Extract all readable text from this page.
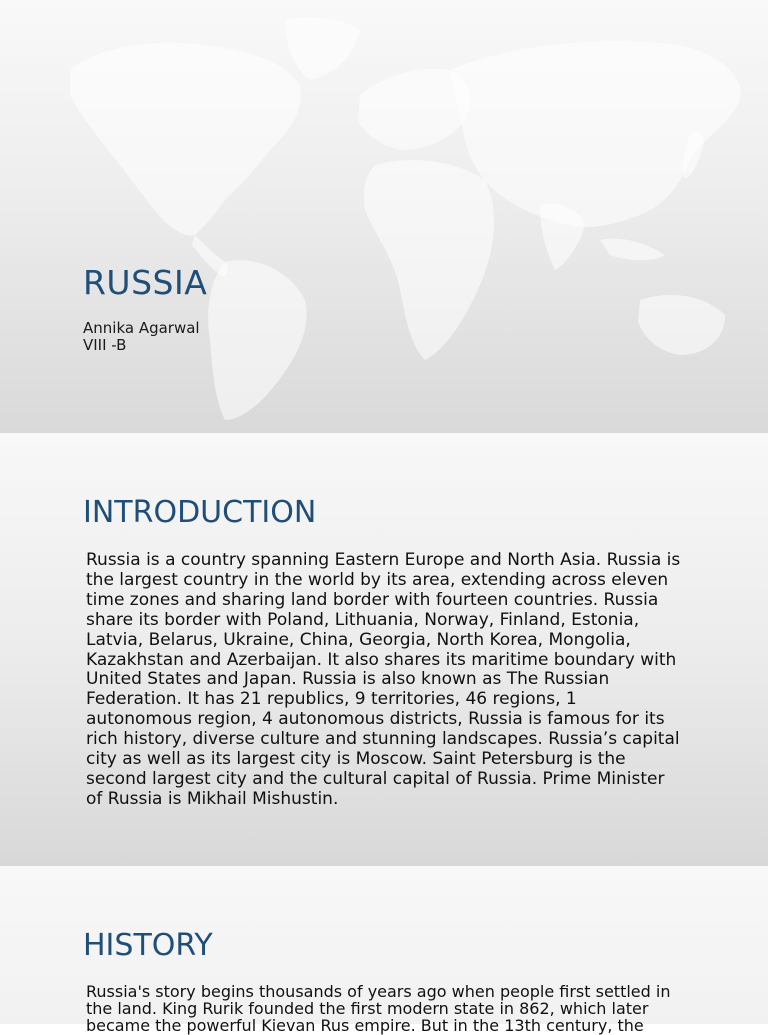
RUSSIA
Annika Agarwal
VIII -B
INTRODUCTION

Russia is a country spanning Eastern Europe and North Asia. Russia is the largest country in the world by its area, extending across eleven time zones and sharing land border with fourteen countries. Russia share its border with Poland, Lithuania, Norway, Finland, Estonia, Latvia, Belarus, Ukraine, China, Georgia, North Korea, Mongolia, Kazakhstan and Azerbaijan. It also shares its maritime boundary with United States and Japan. Russia is also known as The Russian Federation. It has 21 republics, 9 territories, 46 regions, 1 autonomous region, 4 autonomous districts, Russia is famous for its rich history, diverse culture and stunning landscapes. Russia’s capital city as well as its largest city is Moscow. Saint Petersburg is the second largest city and the cultural capital of Russia. Prime Minister of Russia is Mikhail Mishustin.

HISTORY

Russia's story begins thousands of years ago when people first settled in the land. King Rurik founded the first modern state in 862, which later became the powerful Kievan Rus empire. But in the 13th century, the
